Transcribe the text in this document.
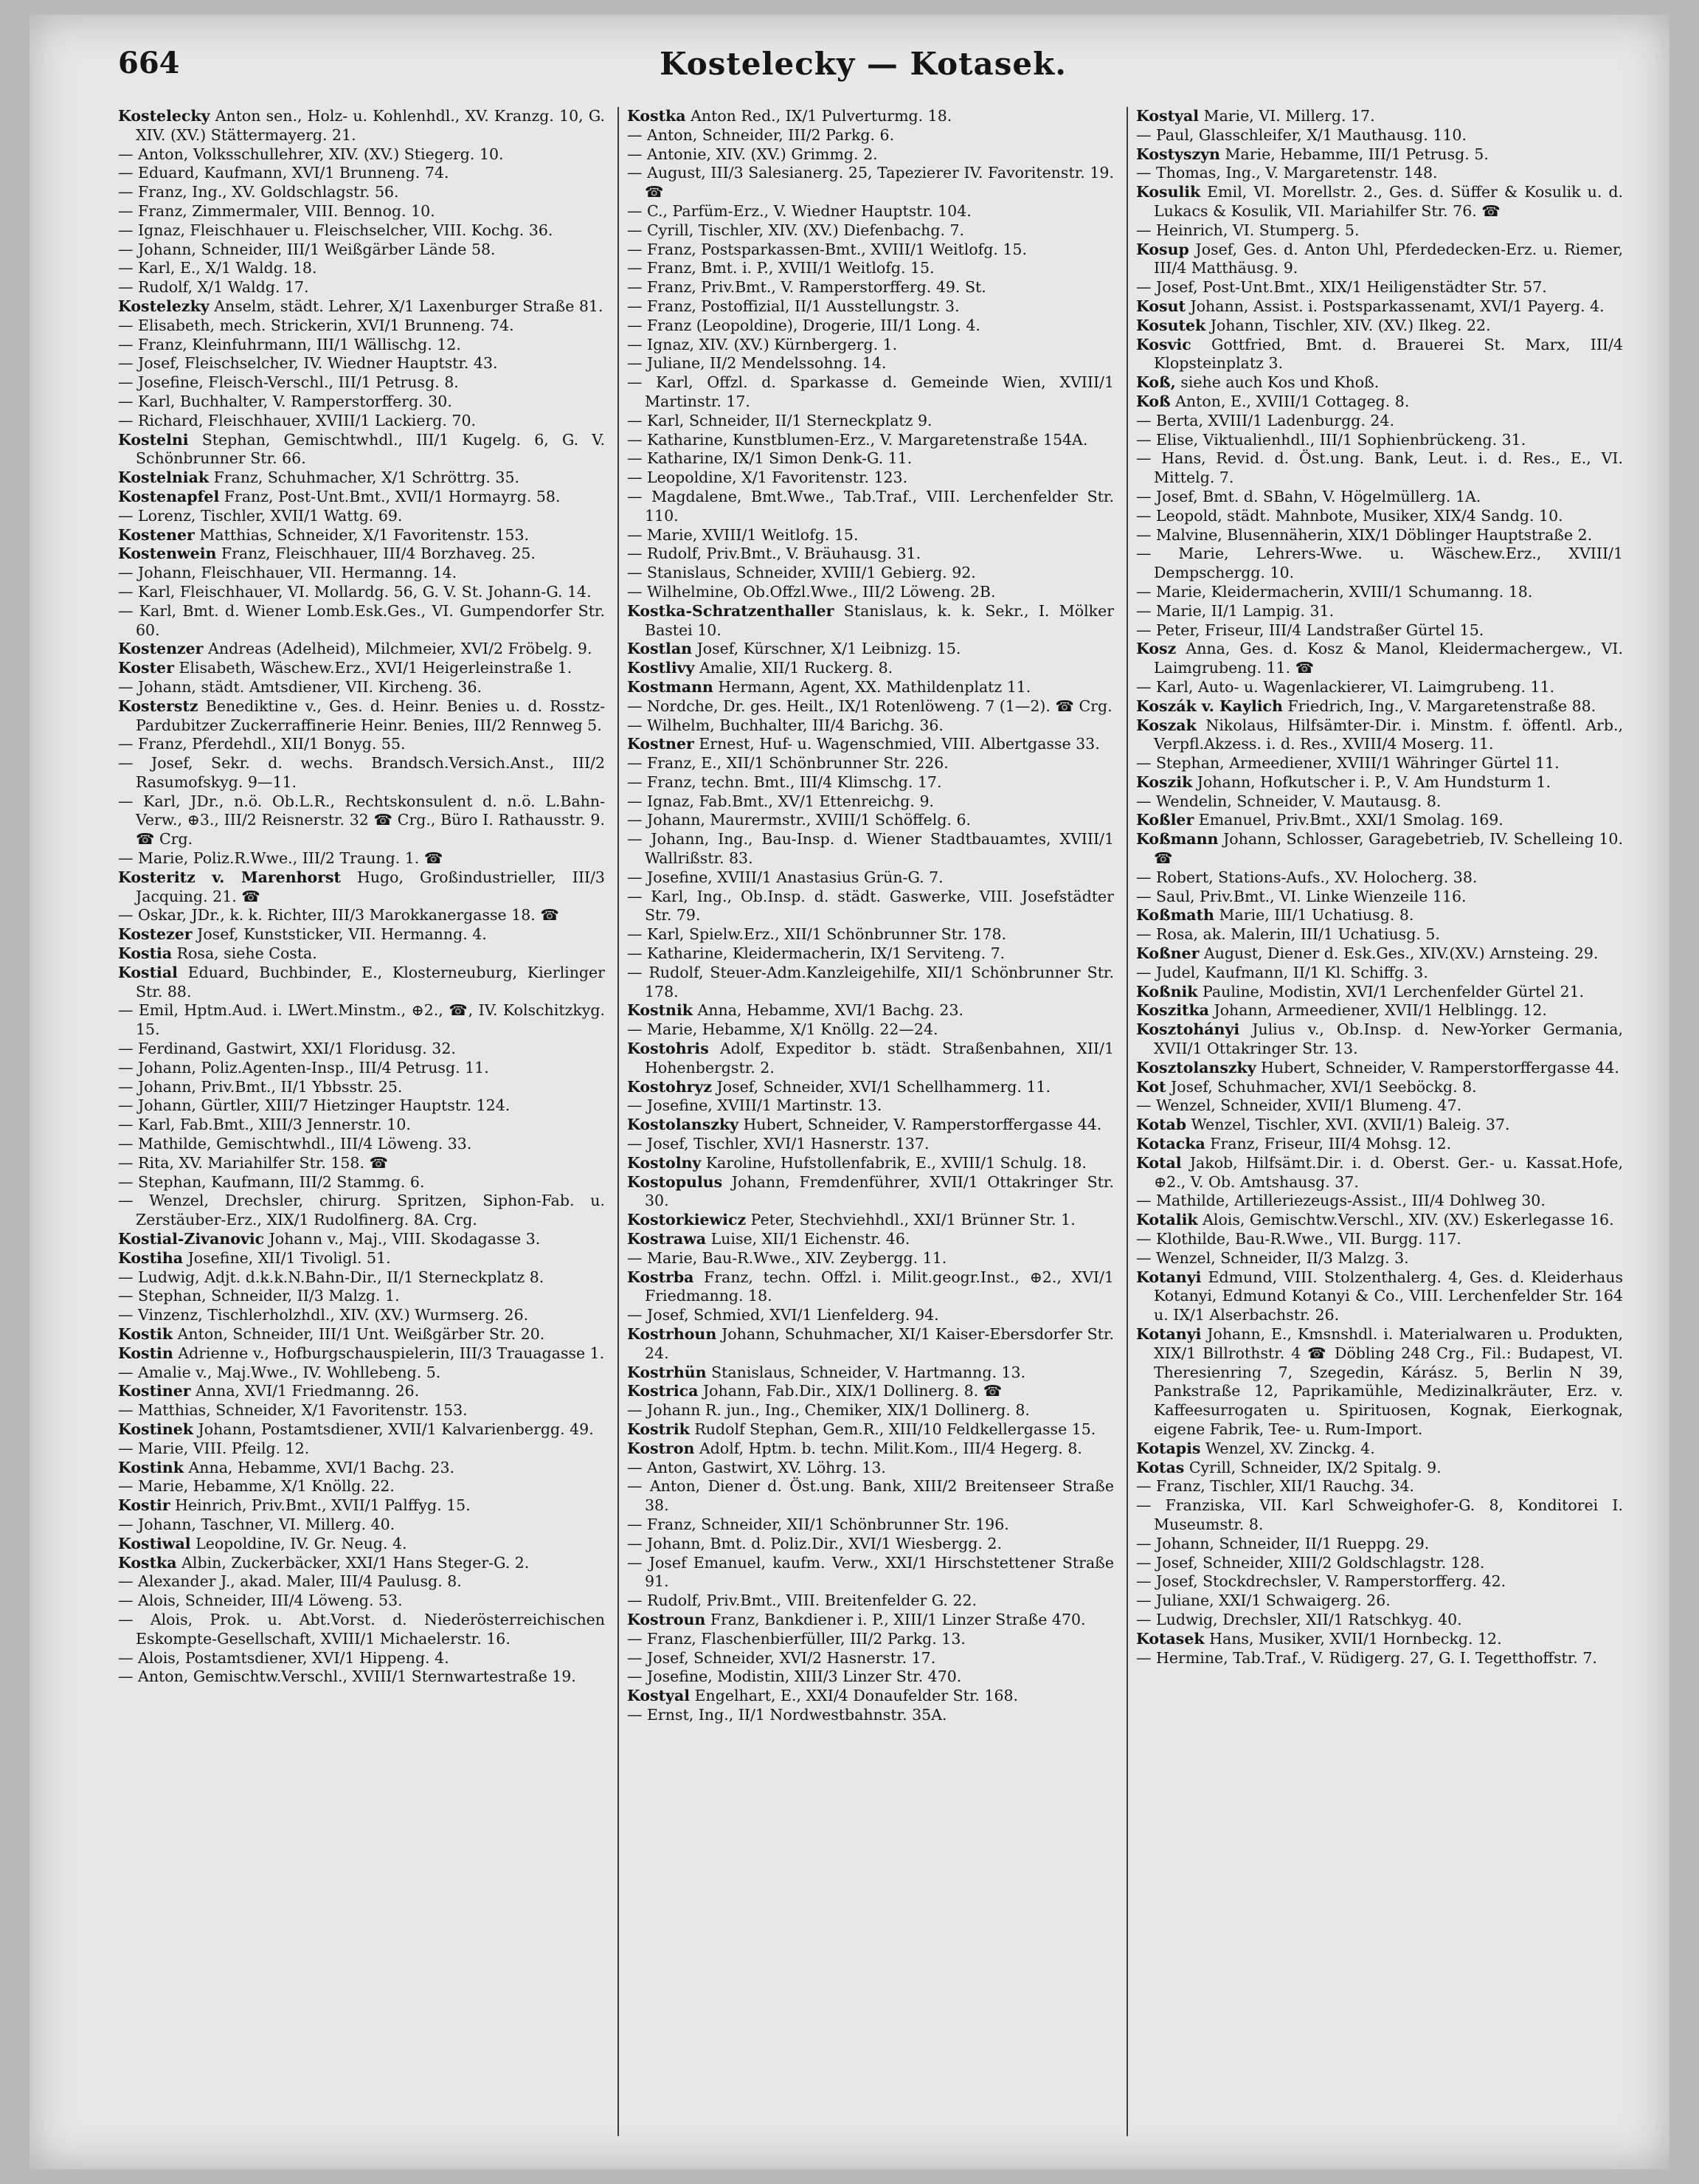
664	Kostelecky — Kotasek.

Kostelecky Anton sen., Holz- u. Kohlenhdl., XV. Kranzg. 10, G. XIV. (XV.) Stättermayerg. 21.

— Anton, Volksschullehrer, XIV. (XV.) Stiegerg. 10.

— Eduard, Kaufmann, XVI/1 Brunneng. 74.

— Franz, Ing., XV. Goldschlagstr. 56.

— Franz, Zimmermaler, VIII. Bennog. 10.

— Ignaz, Fleischhauer u. Fleischselcher, VIII. Kochg. 36.

— Johann, Schneider, III/1 Weißgärber Lände 58.

— Karl, E., X/1 Waldg. 18.

— Rudolf, X/1 Waldg. 17.

Kostelezky Anselm, städt. Lehrer, X/1 Laxenburger Straße 81.

— Elisabeth, mech. Strickerin, XVI/1 Brunneng. 74.

— Franz, Kleinfuhrmann, III/1 Wällischg. 12.

— Josef, Fleischselcher, IV. Wiedner Hauptstr. 43.

— Josefine, Fleisch-Verschl., III/1 Petrusg. 8.

— Karl, Buchhalter, V. Ramperstorfferg. 30.

— Richard, Fleischhauer, XVIII/1 Lackierg. 70.

Kostelni Stephan, Gemischtwhdl., III/1 Kugelg. 6, G. V. Schönbrunner Str. 66.

Kostelniak Franz, Schuhmacher, X/1 Schröttrg. 35.

Kostenapfel Franz, Post-Unt.Bmt., XVII/1 Hormayrg. 58.

— Lorenz, Tischler, XVII/1 Wattg. 69.

Kostener Matthias, Schneider, X/1 Favoritenstr. 153.

Kostenwein Franz, Fleischhauer, III/4 Borzhaveg. 25.

— Johann, Fleischhauer, VII. Hermanng. 14.

— Karl, Fleischhauer, VI. Mollardg. 56, G. V. St. Johann-G. 14.

— Karl, Bmt. d. Wiener Lomb.Esk.Ges., VI. Gumpendorfer Str. 60.

Kostenzer Andreas (Adelheid), Milchmeier, XVI/2 Fröbelg. 9.

Koster Elisabeth, Wäschew.Erz., XVI/1 Heigerleinstraße 1.

— Johann, städt. Amtsdiener, VII. Kircheng. 36.

Kosterstz Benediktine v., Ges. d. Heinr. Benies u. d. Rosstz-Pardubitzer Zuckerraffinerie Heinr. Benies, III/2 Rennweg 5.

— Franz, Pferdehdl., XII/1 Bonyg. 55.

— Josef, Sekr. d. wechs. Brandsch.Versich.Anst., III/2 Rasumofskyg. 9—11.

— Karl, JDr., n.ö. Ob.L.R., Rechtskonsulent d. n.ö. L.Bahn-Verw., ⊕3., III/2 Reisnerstr. 32 ☎ Crg., Büro I. Rathausstr. 9. ☎ Crg.

— Marie, Poliz.R.Wwe., III/2 Traung. 1. ☎

Kosteritz v. Marenhorst Hugo, Großindustrieller, III/3 Jacquing. 21. ☎

— Oskar, JDr., k. k. Richter, III/3 Marokkanergasse 18. ☎

Kostezer Josef, Kunststicker, VII. Hermanng. 4.

Kostia Rosa, siehe Costa.

Kostial Eduard, Buchbinder, E., Klosterneuburg, Kierlinger Str. 88.

— Emil, Hptm.Aud. i. LWert.Minstm., ⊕2., ☎, IV. Kolschitzkyg. 15.

— Ferdinand, Gastwirt, XXI/1 Floridusg. 32.

— Johann, Poliz.Agenten-Insp., III/4 Petrusg. 11.

— Johann, Priv.Bmt., II/1 Ybbsstr. 25.

— Johann, Gürtler, XIII/7 Hietzinger Hauptstr. 124.

— Karl, Fab.Bmt., XIII/3 Jennerstr. 10.

— Mathilde, Gemischtwhdl., III/4 Löweng. 33.

— Rita, XV. Mariahilfer Str. 158. ☎

— Stephan, Kaufmann, III/2 Stammg. 6.

— Wenzel, Drechsler, chirurg. Spritzen, Siphon-Fab. u. Zerstäuber-Erz., XIX/1 Rudolfinerg. 8A. Crg.

Kostial-Zivanovic Johann v., Maj., VIII. Skodagasse 3.

Kostiha Josefine, XII/1 Tivoligl. 51.

— Ludwig, Adjt. d.k.k.N.Bahn-Dir., II/1 Sterneckplatz 8.

— Stephan, Schneider, II/3 Malzg. 1.

— Vinzenz, Tischlerholzhdl., XIV. (XV.) Wurmserg. 26.

Kostik Anton, Schneider, III/1 Unt. Weißgärber Str. 20.

Kostin Adrienne v., Hofburgschauspielerin, III/3 Trauagasse 1.

— Amalie v., Maj.Wwe., IV. Wohllebeng. 5.

Kostiner Anna, XVI/1 Friedmanng. 26.

— Matthias, Schneider, X/1 Favoritenstr. 153.

Kostinek Johann, Postamtsdiener, XVII/1 Kalvarienbergg. 49.

— Marie, VIII. Pfeilg. 12.

Kostink Anna, Hebamme, XVI/1 Bachg. 23.

— Marie, Hebamme, X/1 Knöllg. 22.

Kostir Heinrich, Priv.Bmt., XVII/1 Palffyg. 15.

— Johann, Taschner, VI. Millerg. 40.

Kostiwal Leopoldine, IV. Gr. Neug. 4.

Kostka Albin, Zuckerbäcker, XXI/1 Hans Steger-G. 2.

— Alexander J., akad. Maler, III/4 Paulusg. 8.

— Alois, Schneider, III/4 Löweng. 53.

— Alois, Prok. u. Abt.Vorst. d. Niederösterreichischen Eskompte-Gesellschaft, XVIII/1 Michaelerstr. 16.

— Alois, Postamtsdiener, XVI/1 Hippeng. 4.

— Anton, Gemischtw.Verschl., XVIII/1 Sternwartestraße 19.

Kostka Anton Red., IX/1 Pulverturmg. 18.

— Anton, Schneider, III/2 Parkg. 6.

— Antonie, XIV. (XV.) Grimmg. 2.

— August, III/3 Salesianerg. 25, Tapezierer IV. Favoritenstr. 19. ☎

— C., Parfüm-Erz., V. Wiedner Hauptstr. 104.

— Cyrill, Tischler, XIV. (XV.) Diefenbachg. 7.

— Franz, Postsparkassen-Bmt., XVIII/1 Weitlofg. 15.

— Franz, Bmt. i. P., XVIII/1 Weitlofg. 15.

— Franz, Priv.Bmt., V. Ramperstorfferg. 49. St.

— Franz, Postoffizial, II/1 Ausstellungstr. 3.

— Franz (Leopoldine), Drogerie, III/1 Long. 4.

— Ignaz, XIV. (XV.) Kürnbergerg. 1.

— Juliane, II/2 Mendelssohng. 14.

— Karl, Offzl. d. Sparkasse d. Gemeinde Wien, XVIII/1 Martinstr. 17.

— Karl, Schneider, II/1 Sterneckplatz 9.

— Katharine, Kunstblumen-Erz., V. Margaretenstraße 154A.

— Katharine, IX/1 Simon Denk-G. 11.

— Leopoldine, X/1 Favoritenstr. 123.

— Magdalene, Bmt.Wwe., Tab.Traf., VIII. Lerchenfelder Str. 110.

— Marie, XVIII/1 Weitlofg. 15.

— Rudolf, Priv.Bmt., V. Bräuhausg. 31.

— Stanislaus, Schneider, XVIII/1 Gebierg. 92.

— Wilhelmine, Ob.Offzl.Wwe., III/2 Löweng. 2B.

Kostka-Schratzenthaller Stanislaus, k. k. Sekr., I. Mölker Bastei 10.

Kostlan Josef, Kürschner, X/1 Leibnizg. 15.

Kostlivy Amalie, XII/1 Ruckerg. 8.

Kostmann Hermann, Agent, XX. Mathildenplatz 11.

— Nordche, Dr. ges. Heilt., IX/1 Rotenlöweng. 7 (1—2). ☎ Crg.

— Wilhelm, Buchhalter, III/4 Barichg. 36.

Kostner Ernest, Huf- u. Wagenschmied, VIII. Albertgasse 33.

— Franz, E., XII/1 Schönbrunner Str. 226.

— Franz, techn. Bmt., III/4 Klimschg. 17.

— Ignaz, Fab.Bmt., XV/1 Ettenreichg. 9.

— Johann, Maurermstr., XVIII/1 Schöffelg. 6.

— Johann, Ing., Bau-Insp. d. Wiener Stadtbauamtes, XVIII/1 Wallrißstr. 83.

— Josefine, XVIII/1 Anastasius Grün-G. 7.

— Karl, Ing., Ob.Insp. d. städt. Gaswerke, VIII. Josefstädter Str. 79.

— Karl, Spielw.Erz., XII/1 Schönbrunner Str. 178.

— Katharine, Kleidermacherin, IX/1 Serviteng. 7.

— Rudolf, Steuer-Adm.Kanzleigehilfe, XII/1 Schönbrunner Str. 178.

Kostnik Anna, Hebamme, XVI/1 Bachg. 23.

— Marie, Hebamme, X/1 Knöllg. 22—24.

Kostohris Adolf, Expeditor b. städt. Straßenbahnen, XII/1 Hohenbergstr. 2.

Kostohryz Josef, Schneider, XVI/1 Schellhammerg. 11.

— Josefine, XVIII/1 Martinstr. 13.

Kostolanszky Hubert, Schneider, V. Ramperstorffergasse 44.

— Josef, Tischler, XVI/1 Hasnerstr. 137.

Kostolny Karoline, Hufstollenfabrik, E., XVIII/1 Schulg. 18.

Kostopulus Johann, Fremdenführer, XVII/1 Ottakringer Str. 30.

Kostorkiewicz Peter, Stechviehhdl., XXI/1 Brünner Str. 1.

Kostrawa Luise, XII/1 Eichenstr. 46.

— Marie, Bau-R.Wwe., XIV. Zeybergg. 11.

Kostrba Franz, techn. Offzl. i. Milit.geogr.Inst., ⊕2., XVI/1 Friedmanng. 18.

— Josef, Schmied, XVI/1 Lienfelderg. 94.

Kostrhoun Johann, Schuhmacher, XI/1 Kaiser-Ebersdorfer Str. 24.

Kostrhün Stanislaus, Schneider, V. Hartmanng. 13.

Kostrica Johann, Fab.Dir., XIX/1 Dollinerg. 8. ☎

— Johann R. jun., Ing., Chemiker, XIX/1 Dollinerg. 8.

Kostrik Rudolf Stephan, Gem.R., XIII/10 Feldkellergasse 15.

Kostron Adolf, Hptm. b. techn. Milit.Kom., III/4 Hegerg. 8.

— Anton, Gastwirt, XV. Löhrg. 13.

— Anton, Diener d. Öst.ung. Bank, XIII/2 Breitenseer Straße 38.

— Franz, Schneider, XII/1 Schönbrunner Str. 196.

— Johann, Bmt. d. Poliz.Dir., XVI/1 Wiesbergg. 2.

— Josef Emanuel, kaufm. Verw., XXI/1 Hirschstettener Straße 91.

— Rudolf, Priv.Bmt., VIII. Breitenfelder G. 22.

Kostroun Franz, Bankdiener i. P., XIII/1 Linzer Straße 470.

— Franz, Flaschenbierfüller, III/2 Parkg. 13.

— Josef, Schneider, XVI/2 Hasnerstr. 17.

— Josefine, Modistin, XIII/3 Linzer Str. 470.

Kostyal Engelhart, E., XXI/4 Donaufelder Str. 168.

— Ernst, Ing., II/1 Nordwestbahnstr. 35A.

Kostyal Marie, VI. Millerg. 17.

— Paul, Glasschleifer, X/1 Mauthausg. 110.

Kostyszyn Marie, Hebamme, III/1 Petrusg. 5.

— Thomas, Ing., V. Margaretenstr. 148.

Kosulik Emil, VI. Morellstr. 2., Ges. d. Süffer & Kosulik u. d. Lukacs & Kosulik, VII. Mariahilfer Str. 76. ☎

— Heinrich, VI. Stumperg. 5.

Kosup Josef, Ges. d. Anton Uhl, Pferdedecken-Erz. u. Riemer, III/4 Matthäusg. 9.

— Josef, Post-Unt.Bmt., XIX/1 Heiligenstädter Str. 57.

Kosut Johann, Assist. i. Postsparkassenamt, XVI/1 Payerg. 4.

Kosutek Johann, Tischler, XIV. (XV.) Ilkeg. 22.

Kosvic Gottfried, Bmt. d. Brauerei St. Marx, III/4 Klopsteinplatz 3.

Koß, siehe auch Kos und Khoß.

Koß Anton, E., XVIII/1 Cottageg. 8.

— Berta, XVIII/1 Ladenburgg. 24.

— Elise, Viktualienhdl., III/1 Sophienbrückeng. 31.

— Hans, Revid. d. Öst.ung. Bank, Leut. i. d. Res., E., VI. Mittelg. 7.

— Josef, Bmt. d. SBahn, V. Högelmüllerg. 1A.

— Leopold, städt. Mahnbote, Musiker, XIX/4 Sandg. 10.

— Malvine, Blusennäherin, XIX/1 Döblinger Hauptstraße 2.

— Marie, Lehrers-Wwe. u. Wäschew.Erz., XVIII/1 Dempschergg. 10.

— Marie, Kleidermacherin, XVIII/1 Schumanng. 18.

— Marie, II/1 Lampig. 31.

— Peter, Friseur, III/4 Landstraßer Gürtel 15.

Kosz Anna, Ges. d. Kosz & Manol, Kleidermachergew., VI. Laimgrubeng. 11. ☎

— Karl, Auto- u. Wagenlackierer, VI. Laimgrubeng. 11.

Koszák v. Kaylich Friedrich, Ing., V. Margaretenstraße 88.

Koszak Nikolaus, Hilfsämter-Dir. i. Minstm. f. öffentl. Arb., Verpfl.Akzess. i. d. Res., XVIII/4 Moserg. 11.

— Stephan, Armeediener, XVIII/1 Währinger Gürtel 11.

Koszik Johann, Hofkutscher i. P., V. Am Hundsturm 1.

— Wendelin, Schneider, V. Mautausg. 8.

Koßler Emanuel, Priv.Bmt., XXI/1 Smolag. 169.

Koßmann Johann, Schlosser, Garagebetrieb, IV. Schelleing 10. ☎

— Robert, Stations-Aufs., XV. Holocherg. 38.

— Saul, Priv.Bmt., VI. Linke Wienzeile 116.

Koßmath Marie, III/1 Uchatiusg. 8.

— Rosa, ak. Malerin, III/1 Uchatiusg. 5.

Koßner August, Diener d. Esk.Ges., XIV.(XV.) Arnsteing. 29.

— Judel, Kaufmann, II/1 Kl. Schiffg. 3.

Koßnik Pauline, Modistin, XVI/1 Lerchenfelder Gürtel 21.

Koszitka Johann, Armeediener, XVII/1 Helblingg. 12.

Kosztohányi Julius v., Ob.Insp. d. New-Yorker Germania, XVII/1 Ottakringer Str. 13.

Kosztolanszky Hubert, Schneider, V. Ramperstorffergasse 44.

Kot Josef, Schuhmacher, XVI/1 Seeböckg. 8.

— Wenzel, Schneider, XVII/1 Blumeng. 47.

Kotab Wenzel, Tischler, XVI. (XVII/1) Baleig. 37.

Kotacka Franz, Friseur, III/4 Mohsg. 12.

Kotal Jakob, Hilfsämt.Dir. i. d. Oberst. Ger.- u. Kassat.Hofe, ⊕2., V. Ob. Amtshausg. 37.

— Mathilde, Artilleriezeugs-Assist., III/4 Dohlweg 30.

Kotalik Alois, Gemischtw.Verschl., XIV. (XV.) Eskerlegasse 16.

— Klothilde, Bau-R.Wwe., VII. Burgg. 117.

— Wenzel, Schneider, II/3 Malzg. 3.

Kotanyi Edmund, VIII. Stolzenthalerg. 4, Ges. d. Kleiderhaus Kotanyi, Edmund Kotanyi & Co., VIII. Lerchenfelder Str. 164 u. IX/1 Alserbachstr. 26.

Kotanyi Johann, E., Kmsnshdl. i. Materialwaren u. Produkten, XIX/1 Billrothstr. 4 ☎ Döbling 248 Crg., Fil.: Budapest, VI. Theresienring 7, Szegedin, Kárász. 5, Berlin N 39, Pankstraße 12, Paprikamühle, Medizinalkräuter, Erz. v. Kaffeesurrogaten u. Spirituosen, Kognak, Eierkognak, eigene Fabrik, Tee- u. Rum-Import.

Kotapis Wenzel, XV. Zinckg. 4.

Kotas Cyrill, Schneider, IX/2 Spitalg. 9.

— Franz, Tischler, XII/1 Rauchg. 34.

— Franziska, VII. Karl Schweighofer-G. 8, Konditorei I. Museumstr. 8.

— Johann, Schneider, II/1 Rueppg. 29.

— Josef, Schneider, XIII/2 Goldschlagstr. 128.

— Josef, Stockdrechsler, V. Ramperstorfferg. 42.

— Juliane, XXI/1 Schwaigerg. 26.

— Ludwig, Drechsler, XII/1 Ratschkyg. 40.

Kotasek Hans, Musiker, XVII/1 Hornbeckg. 12.

— Hermine, Tab.Traf., V. Rüdigerg. 27, G. I. Tegetthoffstr. 7.
